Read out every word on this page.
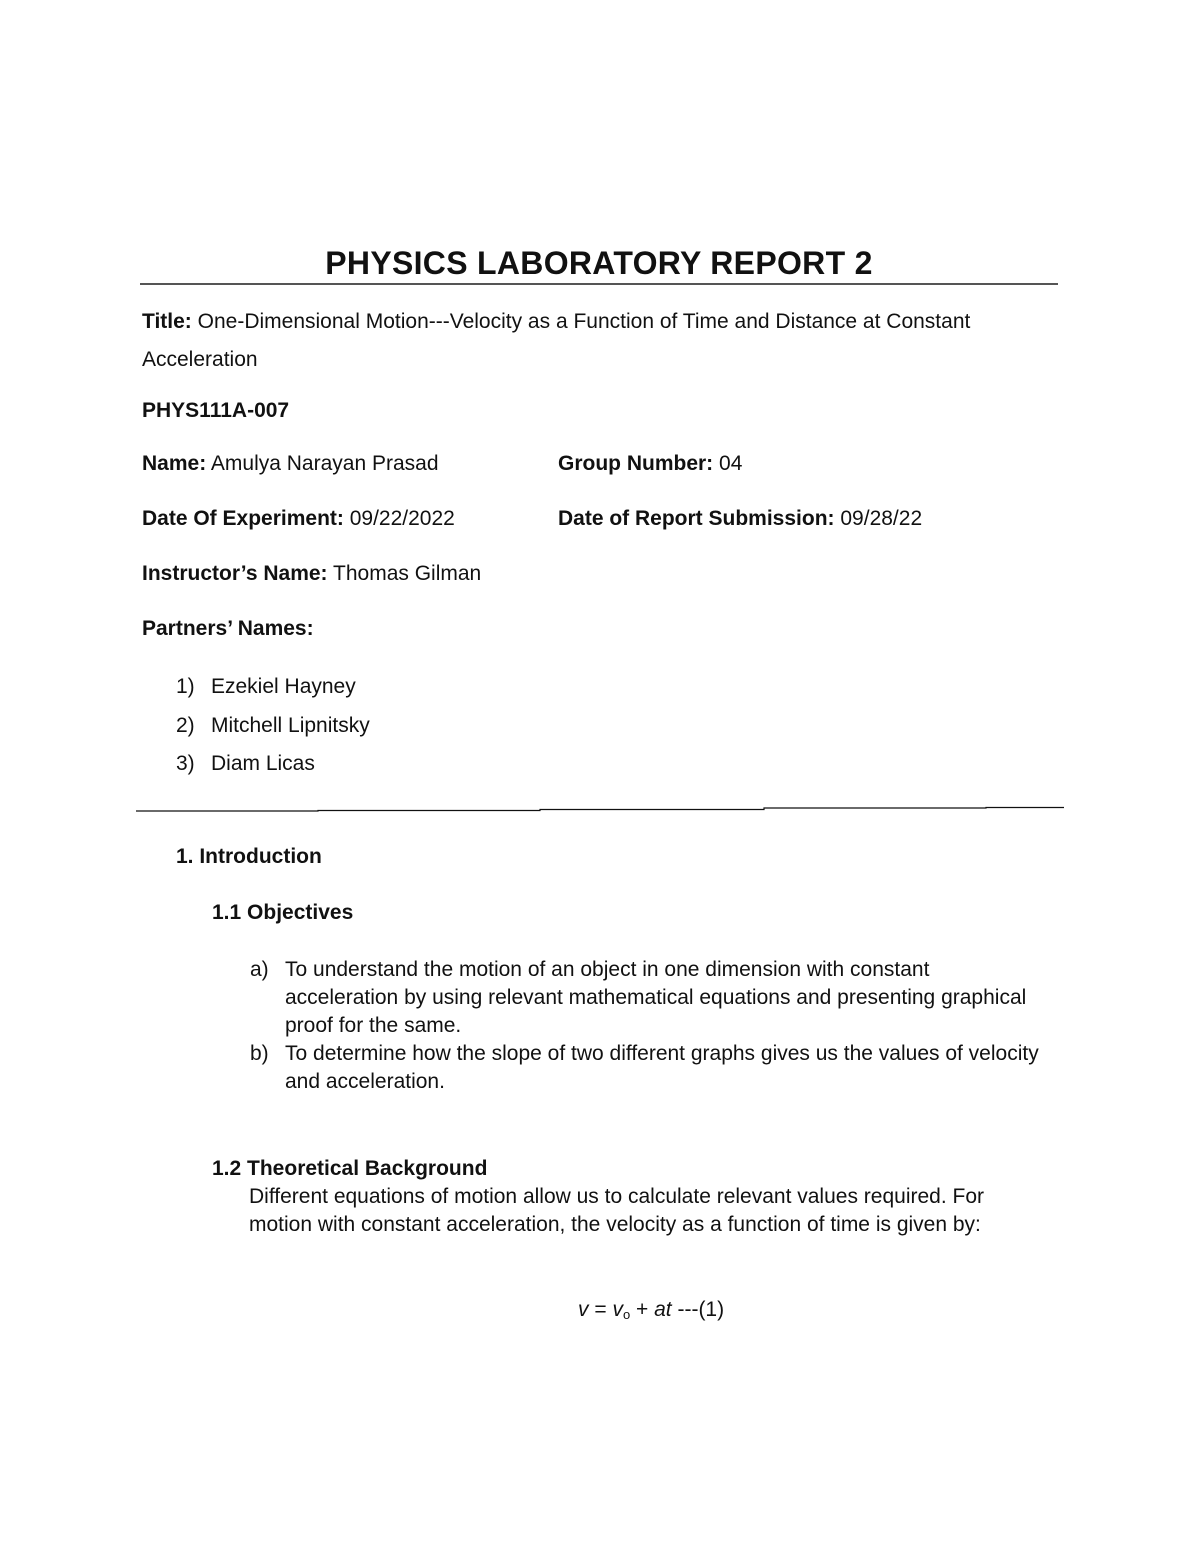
PHYSICS LABORATORY REPORT 2
Title: One-Dimensional Motion---Velocity as a Function of Time and Distance at Constant Acceleration
PHYS111A-007
Name: Amulya Narayan Prasad	Group Number: 04
Date Of Experiment: 09/22/2022	Date of Report Submission: 09/28/22
Instructor’s Name: Thomas Gilman
Partners’ Names:
1) Ezekiel Hayney
2) Mitchell Lipnitsky
3) Diam Licas
1. Introduction
1.1 Objectives
a) To understand the motion of an object in one dimension with constant acceleration by using relevant mathematical equations and presenting graphical proof for the same.
b) To determine how the slope of two different graphs gives us the values of velocity and acceleration.
1.2 Theoretical Background
Different equations of motion allow us to calculate relevant values required. For motion with constant acceleration, the velocity as a function of time is given by:
$v = v_o$ + at ---(1)
